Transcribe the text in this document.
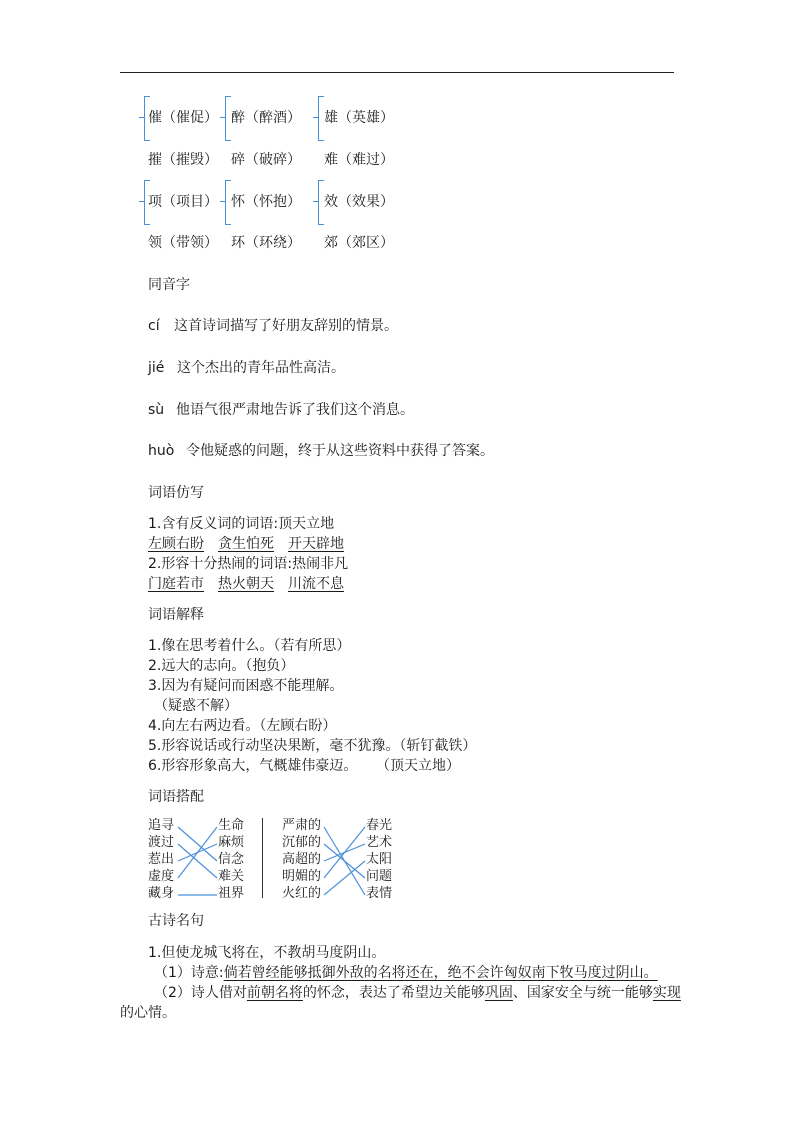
催（催促） 醉（醉酒） 雄（英雄）
摧（摧毁） 碎（破碎） 难（难过）
项（项目） 怀（怀抱） 效（效果）
领（带领） 环（环绕） 郊（郊区）
同音字
cí 这首诗词描写了好朋友辞别的情景。
jié 这个杰出的青年品性高洁。
sù 他语气很严肃地告诉了我们这个消息。
huò 令他疑惑的问题，终于从这些资料中获得了答案。
词语仿写
1.含有反义词的词语:顶天立地
左顾右盼 贪生怕死 开天辟地
2.形容十分热闹的词语:热闹非凡
门庭若市 热火朝天 川流不息
词语解释
1.像在思考着什么。（若有所思）
2.远大的志向。（抱负）
3.因为有疑问而困惑不能理解。
（疑惑不解）
4.向左右两边看。（左顾右盼）
5.形容说话或行动坚决果断，毫不犹豫。（斩钉截铁）
6.形容形象高大，气概雄伟豪迈。 （顶天立地）
词语搭配
追寻
渡过
惹出
虚度
藏身
生命
麻烦
信念
难关
祖界
严肃的
沉郁的
高超的
明媚的
火红的
春光
艺术
太阳
问题
表情
古诗名句
1.但使龙城飞将在，不教胡马度阴山。
（1）诗意:倘若曾经能够抵御外敌的名将还在，绝不会许匈奴南下牧马度过阴山。
（2）诗人借对前朝名将的怀念，表达了希望边关能够巩固、国家安全与统一能够实现
的心情。
